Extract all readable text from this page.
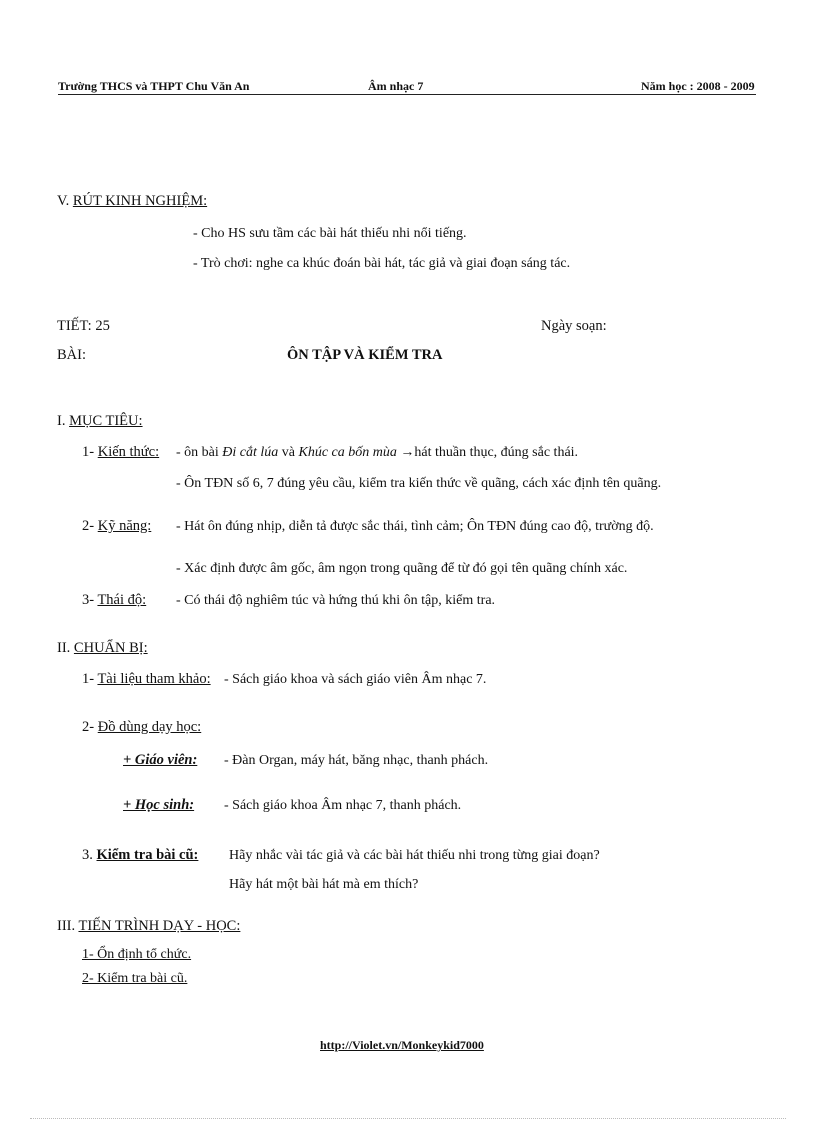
Trường THCS và THPT Chu Văn An	Âm nhạc 7	Năm học : 2008 - 2009
V. RÚT KINH NGHIỆM:
- Cho HS sưu tầm các bài hát thiếu nhi nổi tiếng.
- Trò chơi: nghe ca khúc đoán bài hát, tác giả và giai đoạn sáng tác.
TIẾT: 25	Ngày soạn:
BÀI:	ÔN TẬP VÀ KIỂM TRA
I. MỤC TIÊU:
1- Kiến thức: - ôn bài Đi cắt lúa và Khúc ca bốn mùa →hát thuần thục, đúng sắc thái.
- Ôn TĐN số 6, 7 đúng yêu cầu, kiểm tra kiến thức về quãng, cách xác định tên quãng.
2- Kỹ năng: - Hát ôn đúng nhịp, diễn tả được sắc thái, tình cảm; Ôn TĐN đúng cao độ, trường độ.
- Xác định được âm gốc, âm ngọn trong quãng để từ đó gọi tên quãng chính xác.
3- Thái độ: - Có thái độ nghiêm túc và hứng thú khi ôn tập, kiểm tra.
II. CHUẨN BỊ:
1- Tài liệu tham khảo: - Sách giáo khoa và sách giáo viên Âm nhạc 7.
2- Đồ dùng dạy học:
+ Giáo viên: - Đàn Organ, máy hát, băng nhạc, thanh phách.
+ Học sinh: - Sách giáo khoa Âm nhạc 7, thanh phách.
3. Kiểm tra bài cũ: Hãy nhắc vài tác giả và các bài hát thiếu nhi trong từng giai đoạn?
Hãy hát một bài hát mà em thích?
III. TIẾN TRÌNH DẠY - HỌC:
1- Ổn định tổ chức.
2- Kiểm tra bài cũ.
http://Violet.vn/Monkeykid7000
